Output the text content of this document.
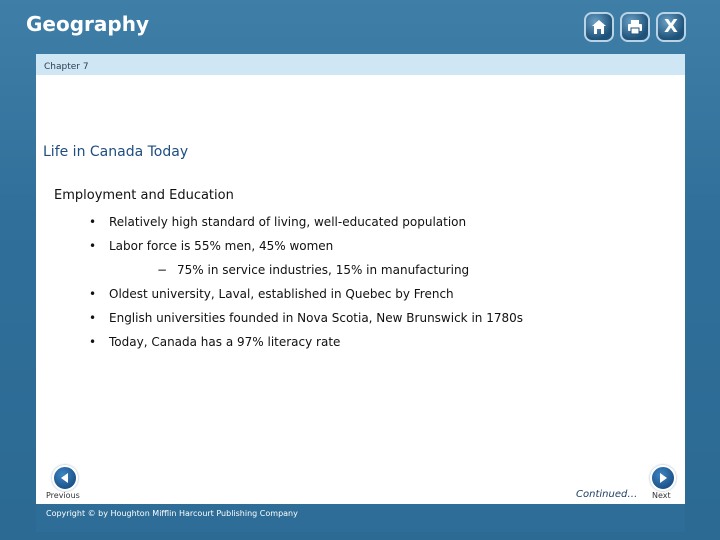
Geography	X
Chapter 7
Life in Canada Today
Employment and Education
• Relatively high standard of living, well-educated population
• Labor force is 55% men, 45% women
− 75% in service industries, 15% in manufacturing
• Oldest university, Laval, established in Quebec by French
• English universities founded in Nova Scotia, New Brunswick in 1780s
• Today, Canada has a 97% literacy rate
Previous	Continued… Next
Copyright © by Houghton Mifflin Harcourt Publishing Company
